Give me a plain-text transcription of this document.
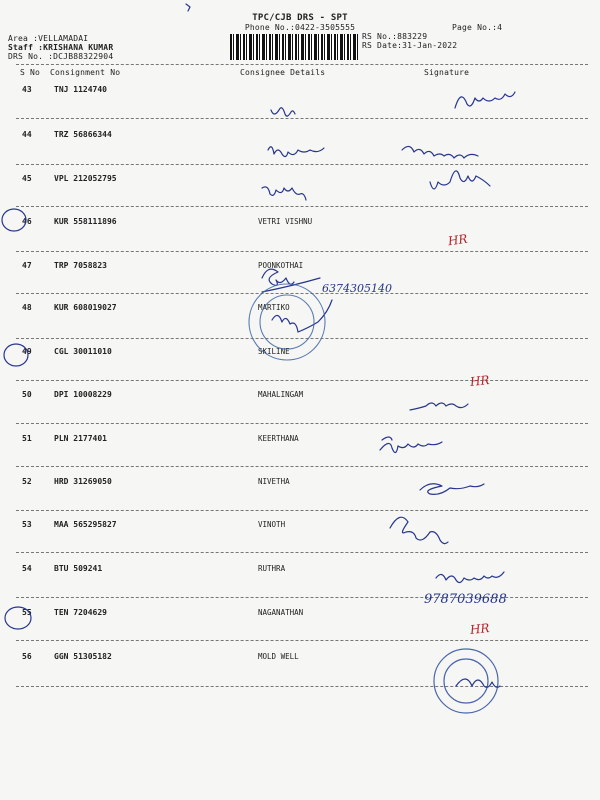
TPC/CJB DRS - SPT
Phone No.:0422-3505555	Page No.:4
Area :VELLAMADAI
Staff :KRISHANA KUMAR
DRS No. :DCJB88322904
RS No.:883229
RS Date:31-Jan-2022
S No Consignment No	Consignee Details	Signature
43	TNJ 1124740
44	TRZ 56866344
45	VPL 212052795
46	KUR 558111896	VETRI VISHNU
47	TRP 7058823	POONKOTHAI
48	KUR 608019027	MARTIKO
49	CGL 30011010	SKILINE
50	DPI 10008229	MAHALINGAM
51	PLN 2177401	KEERTHANA
52	HRD 31269050	NIVETHA
53	MAA 565295827	VINOTH
54	BTU 509241	RUTHRA
55	TEN 7204629	NAGANATHAN
56	GGN 51305182	MOLD WELL
6374305140
9787039688
HR
HR
HR
